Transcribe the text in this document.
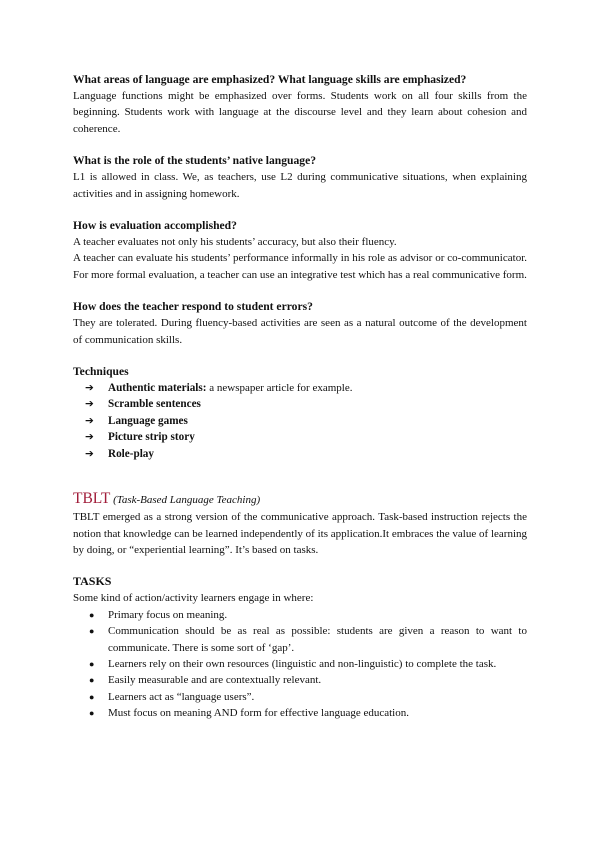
What areas of language are emphasized? What language skills are emphasized?

Language functions might be emphasized over forms. Students work on all four skills from the beginning. Students work with language at the discourse level and they learn about cohesion and coherence.

What is the role of the students’ native language?

L1 is allowed in class. We, as teachers, use L2 during communicative situations, when explaining activities and in assigning homework.

How is evaluation accomplished?

A teacher evaluates not only his students’ accuracy, but also their fluency.

A teacher can evaluate his students’ performance informally in his role as advisor or co-communicator. For more formal evaluation, a teacher can use an integrative test which has a real communicative form.

How does the teacher respond to student errors?

They are tolerated. During fluency-based activities are seen as a natural outcome of the development of communication skills.

Techniques

➔	Authentic materials: a newspaper article for example.
➔	Scramble sentences
➔	Language games
➔	Picture strip story
➔	Role-play

TBLT (Task-Based Language Teaching)

TBLT emerged as a strong version of the communicative approach. Task-based instruction rejects the notion that knowledge can be learned independently of its application.It embraces the value of learning by doing, or “experiential learning”. It’s based on tasks.

TASKS

Some kind of action/activity learners engage in where:

●	Primary focus on meaning.
●	Communication should be as real as possible: students are given a reason to want to communicate. There is some sort of ‘gap’.
●	Learners rely on their own resources (linguistic and non-linguistic) to complete the task.
●	Easily measurable and are contextually relevant.
●	Learners act as “language users”.
●	Must focus on meaning AND form for effective language education.
